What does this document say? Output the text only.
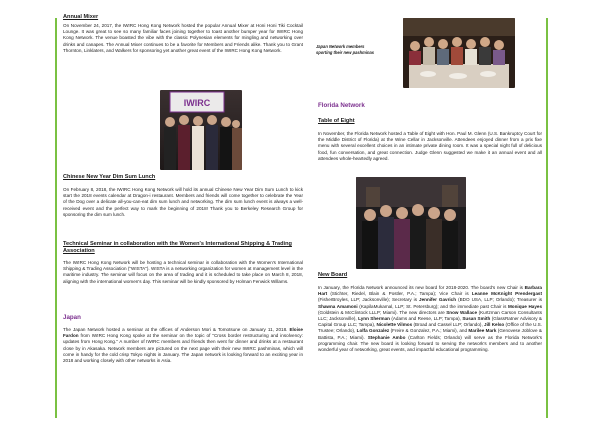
Annual Mixer

On November 24, 2017, the IWIRC Hong Kong Network hosted the popular Annual Mixer at Honi Honi Tiki Cocktail Lounge. It was great to see so many familiar faces joining together to toast another bumper year for IWIRC Hong Kong Network. The venue boasted the vibe with the classic Polynesian elements for mingling and networking over drinks and canapes. The Annual Mixer continues to be a favorite for Members and Friends alike. Thank you to Grant Thornton, Linklaters, and Walkers for sponsoring yet another great event of the IWIRC Hong Kong Network.

IWIRC
Chinese New Year Dim Sum Lunch

On February 8, 2018, the IWIRC Hong Kong Network will hold its annual Chinese New Year Dim Sum Lunch to kick start the 2018 events calendar at Dragon-i restaurant. Members and friends will come together to celebrate the Year of the Dog over a delicate all-you-can-eat dim sum lunch and networking. The dim sum lunch event is always a well-received event and the perfect way to mark the beginning of 2018! Thank you to Berkeley Research Group for sponsoring the dim sum lunch.

Technical Seminar in collaboration with the Women's International Shipping & Trading Association

The IWIRC Hong Kong Network will be hosting a technical seminar in collaboration with the Women's International Shipping & Trading Association ("WISTA"). WISTA is a networking organization for women at management level in the maritime industry. The seminar will focus on the area of trading and it is scheduled to take place on March 8, 2018, aligning with the international women's day. This seminar will be kindly sponsored by Holman Fenwick Willams.

Japan

The Japan Network hosted a seminar at the offices of Anderson Mori & Tomotsune on January 11, 2018. Eloise Fardon from IWIRC Hong Kong spoke at the seminar on the topic of "Cross border restructuring and insolvency: updates from Hong Kong." A number of IWIRC members and friends then went for dinner and drinks at a restaurant close by in Akasaka. Network members are pictured on the next page with their new IWIRC pashminas, which will come in handy for the cold crisp Tokyo nights in January. The Japan network is looking forward to an exciting year in 2018 and working closely with other networks in Asia.

Japan Network members
sporting their new pashminas
Florida Network
Table of Eight

In November, the Florida Network hosted a Table of Eight with Hon. Paul M. Glenn (U.S. Bankruptcy Court for the Middle District of Florida) at the Wine Cellar in Jacksonville. Attendees enjoyed dinner from a prix fixe menu with several excellent choices in an intimate private dining room. It was a special night full of delicious food, fun conversation, and great connection. Judge Glenn suggested we make it an annual event and all attendees whole-heartedly agreed.

New Board

In January, the Florida Network announced its new board for 2018-2020. The board's new Chair is Barbara Hart (Stichter, Riedel, Blain & Postler, P.A.; Tampa); Vice Chair is Leanne McKnight Prendergast (FisherBroyles, LLP; Jacksonville); Secretary is Jennifer Gavrich (BDO USA, LLP; Orlando); Treasurer is Shawna Amamoni (KapilaMukamal, LLP; St. Petersburg); and the immediate past Chair is Monique Hayes (Goldstein & McClintock LLLP; Miami). The new directors are Snow Wallace (Kurtzman Carson Consultants LLC; Jacksonville), Lynn Sherman (Adams and Reese, LLP; Tampa), Susan Smith (GlassRatner Advisory & Capital Group LLC; Tampa), Nicolette Vilmos (Broad and Cassel LLP; Orlando), Jill Kelso (Office of the U.S. Trustee; Orlando), Lolfa Gonzalez (Freire & Gonzalez, P.A.; Miami), and Marilee Mark (Genovese Joblove & Battista, P.A.; Miami). Stephanie Ambo (Carlton Fields; Orlando) will serve as the Florida Network's programming chair. The new board is looking forward to serving the network's members and to another wonderful year of networking, great events, and impactful educational programming.
